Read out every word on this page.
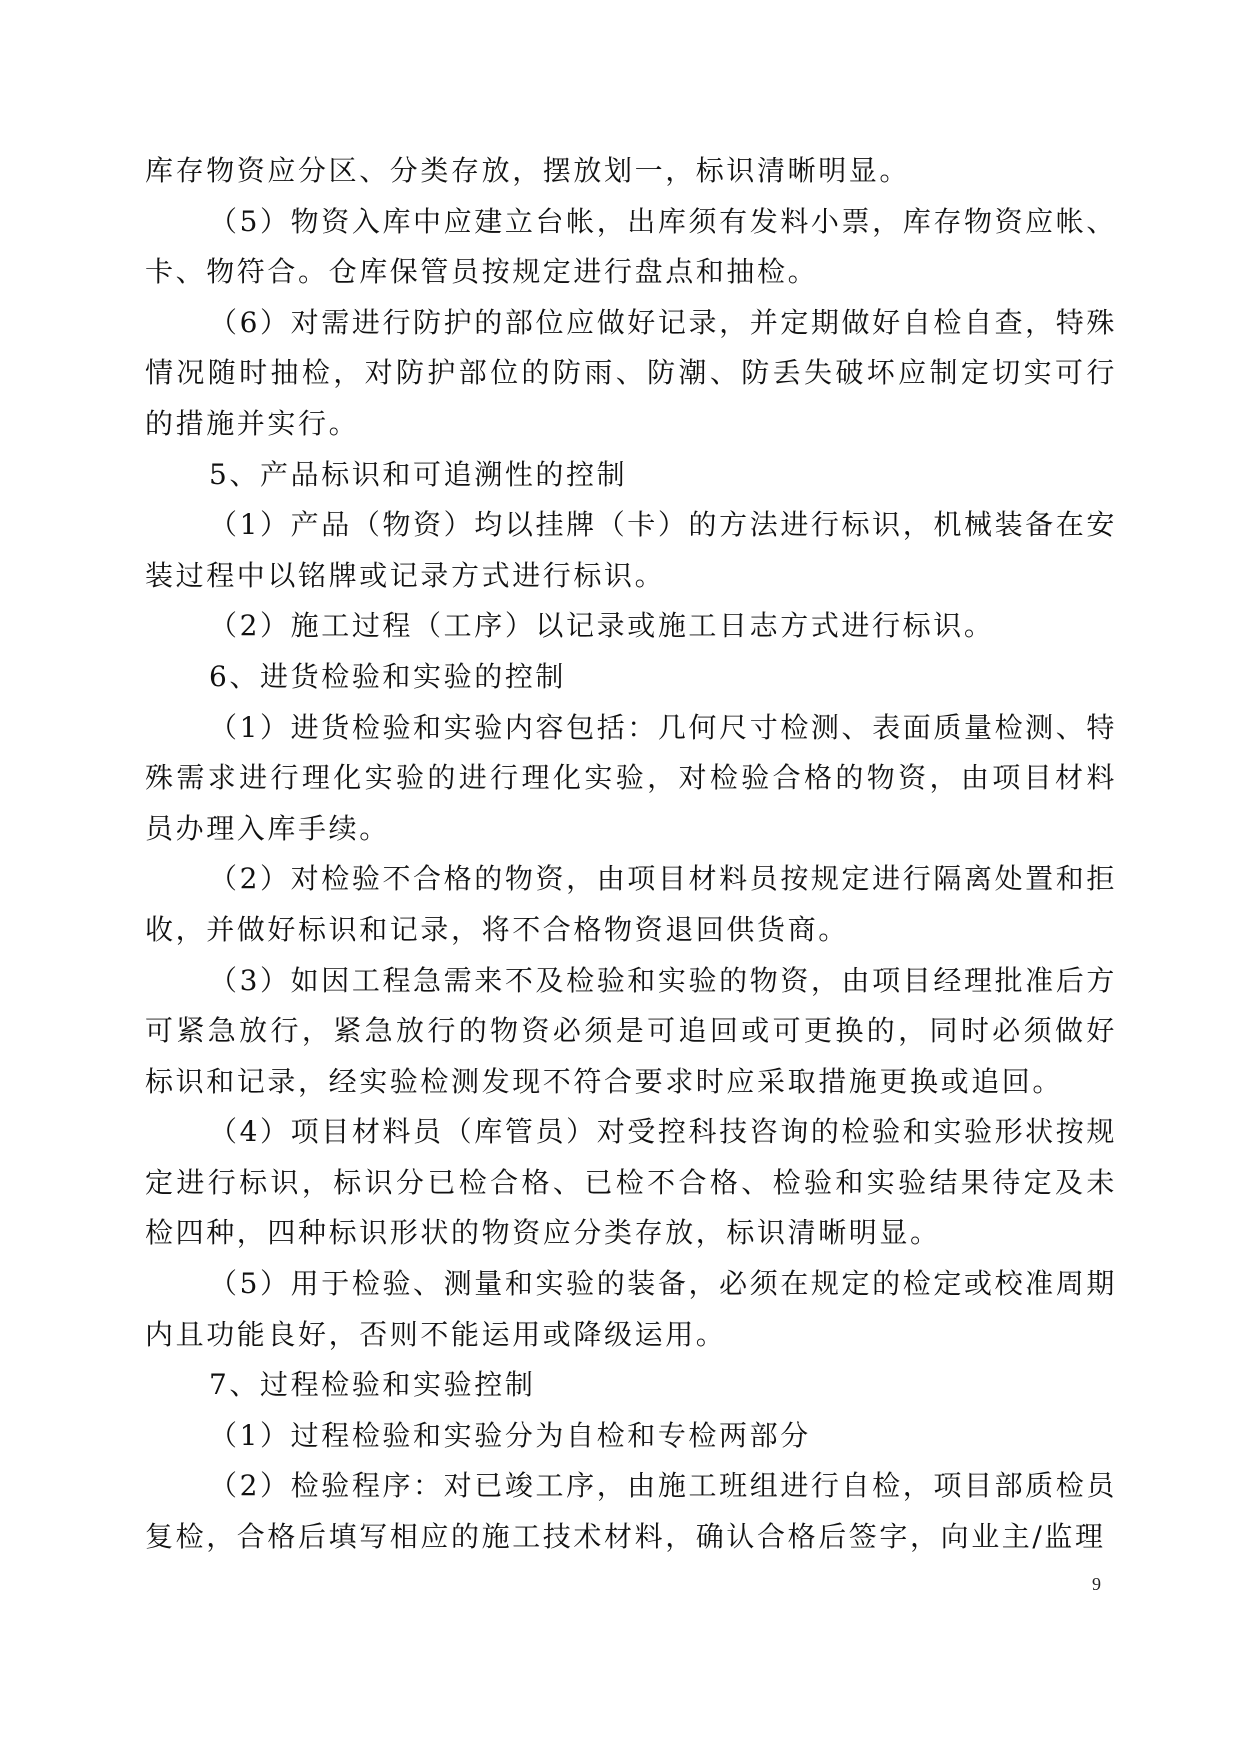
库存物资应分区、分类存放，摆放划一，标识清晰明显。

（5）物资入库中应建立台帐，出库须有发料小票，库存物资应帐、卡、物符合。仓库保管员按规定进行盘点和抽检。

（6）对需进行防护的部位应做好记录，并定期做好自检自查，特殊情况随时抽检，对防护部位的防雨、防潮、防丢失破坏应制定切实可行的措施并实行。

5、产品标识和可追溯性的控制

（1）产品（物资）均以挂牌（卡）的方法进行标识，机械装备在安装过程中以铭牌或记录方式进行标识。

（2）施工过程（工序）以记录或施工日志方式进行标识。

6、进货检验和实验的控制

（1）进货检验和实验内容包括：几何尺寸检测、表面质量检测、特殊需求进行理化实验的进行理化实验，对检验合格的物资，由项目材料员办理入库手续。

（2）对检验不合格的物资，由项目材料员按规定进行隔离处置和拒收，并做好标识和记录，将不合格物资退回供货商。

（3）如因工程急需来不及检验和实验的物资，由项目经理批准后方可紧急放行，紧急放行的物资必须是可追回或可更换的，同时必须做好标识和记录，经实验检测发现不符合要求时应采取措施更换或追回。

（4）项目材料员（库管员）对受控科技咨询的检验和实验形状按规定进行标识，标识分已检合格、已检不合格、检验和实验结果待定及未检四种，四种标识形状的物资应分类存放，标识清晰明显。

（5）用于检验、测量和实验的装备，必须在规定的检定或校准周期内且功能良好，否则不能运用或降级运用。

7、过程检验和实验控制

（1）过程检验和实验分为自检和专检两部分

（2）检验程序：对已竣工序，由施工班组进行自检，项目部质检员复检，合格后填写相应的施工技术材料，确认合格后签字，向业主/监理

9
